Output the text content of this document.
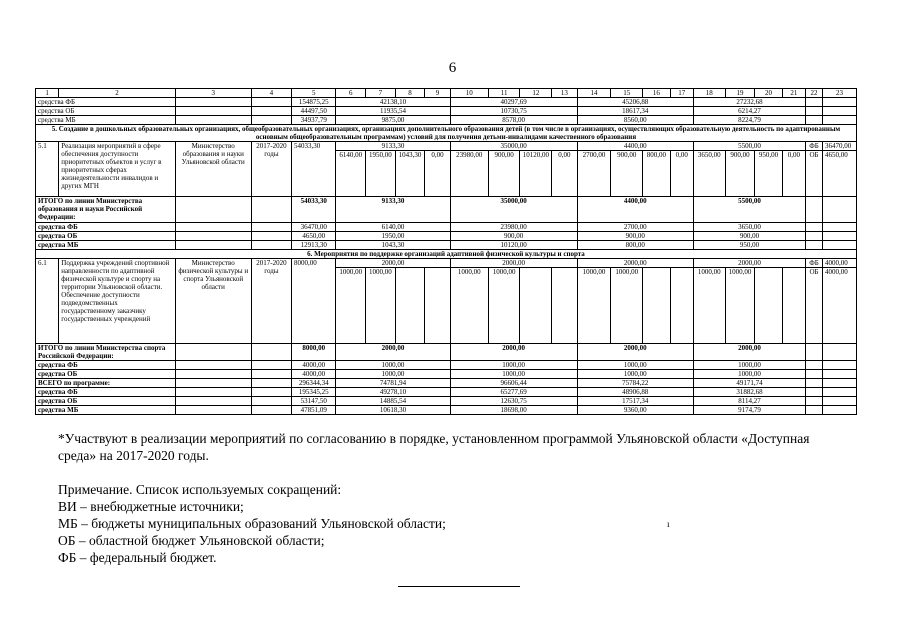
6
1	2	3	4	5	6	7	8	9	10	11	12	13	14	15	16	17	18	19	20	21	22	23
средства ФБ				154875,25	42138,10				40297,69				45206,88				27232,68					
средства ОБ				44497,50	11935,54				10730,75				18617,34				6214,27					
средства МБ				34937,79	9875,00				8578,00				8560,00				8224,79					
5. Создание в дошкольных образовательных организациях, общеобразовательных организациях, организациях дополнительного образования детей (в том числе в организациях, осуществляющих образовательную деятельность по адаптированным основным общеобразовательным программам) условий для получения детьми-инвалидами качественного образования																						
5.1	Реализация мероприятий в сфере обеспечения доступности приоритетных объектов и услуг в приоритетных сферах жизнедеятельности инвалидов и других МГН	Министерство образования и науки Ульяновской области	2017-2020 годы	54033,30	9133,30				35000,00				4400,00				5500,00				ФБ	36470,00
					6140,00	1950,00	1043,30	0,00	23980,00	900,00	10120,00	0,00	2700,00	900,00	800,00	0,00	3650,00	900,00	950,00	0,00	ОБ	4650,00
ИТОГО по линии Министерства образования и науки Российской Федерации:				54033,30	9133,30				35000,00				4400,00				5500,00					
средства ФБ				36470,00	6140,00				23980,00				2700,00				3650,00					
средства ОБ				4650,00	1950,00				900,00				900,00				900,00					
средства МБ				12913,30	1043,30				10120,00				800,00				950,00					
6. Мероприятия по поддержке организаций адаптивной физической культуры и спорта																						
6.1	Поддержка учреждений спортивной направленности по адаптивной физической культуре и спорту на территории Ульяновской области. Обеспечение доступности подведомственных государственному заказчику государственных учреждений	Министерство физической культуры и спорта Ульяновской области	2017-2020 годы	8000,00	2000,00				2000,00				2000,00				2000,00				ФБ	4000,00
					1000,00	1000,00			1000,00	1000,00			1000,00	1000,00			1000,00	1000,00			ОБ	4000,00
ИТОГО по линии Министерства спорта Российской Федерации:				8000,00	2000,00				2000,00				2000,00				2000,00					
средства ФБ				4000,00	1000,00				1000,00				1000,00				1000,00					
средства ОБ				4000,00	1000,00				1000,00				1000,00				1000,00					
ВСЕГО по программе:				296344,34	74781,94				96606,44				75784,22				49171,74					
средства ФБ				195345,25	49278,10				65277,69				48906,88				31882,68					
средства ОБ				53147,50	14885,54				12630,75				17517,34				8114,27					
средства МБ				47851,09	10618,30				18698,00				9360,00				9174,79					

*Участвуют в реализации мероприятий по согласованию в порядке, установленном программой Ульяновской области «Доступная среда» на 2017-2020 годы.

Примечание. Список используемых сокращений:

ВИ – внебюджетные источники;

МБ – бюджеты муниципальных образований Ульяновской области;

ОБ – областной бюджет Ульяновской области;

ФБ – федеральный бюджет.

ı
